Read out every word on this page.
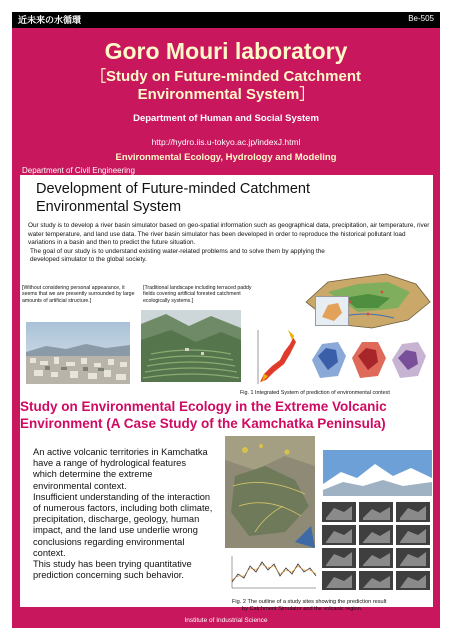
近未来の水循環	Be-505
Goro Mouri laboratory
［Study on Future-minded Catchment
Environmental System］
Department of Human and Social System
http://hydro.iis.u-tokyo.ac.jp/indexJ.html
Environmental Ecology, Hydrology and Modeling
Department of Civil Engineering
Development of Future-minded Catchment
Environmental System
Our study is to develop a river basin simulator based on geo-spatial information such as geographical data, precipitation, air temperature, river water temperature, and land use data. The river basin simulator has been developed in order to reproduce the historical pollutant load variations in a basin and then to predict the future situation.
The goal of our study is to understand existing water-related problems and to solve them by applying the developed simulator to the global society.
[Without considering personal appearance, it seems that we are presently surrounded by large amounts of artificial structure.]
[Traditional landscape including terraced paddy fields covering artificial forested catchment ecologically systems.]
Fig. 1 Integrated System of prediction of environmental context
Study on Environmental Ecology in the Extreme Volcanic
Environment (A Case Study of the Kamchatka Peninsula)
An active volcanic territories in Kamchatka
have a range of hydrological features
which determine the extreme
environmental context.
Insufficient understanding of the interaction
of numerous factors, including both climate,
precipitation, discharge, geology, human
impact, and the land use underlie wrong
conclusions regarding environmental
context.
This study has been trying quantitative
prediction concerning such behavior.
Fig. 2 The outline of a study sites showing the prediction result
by Catchment Simulator and the volcanic region.
Institute of Industrial Science
